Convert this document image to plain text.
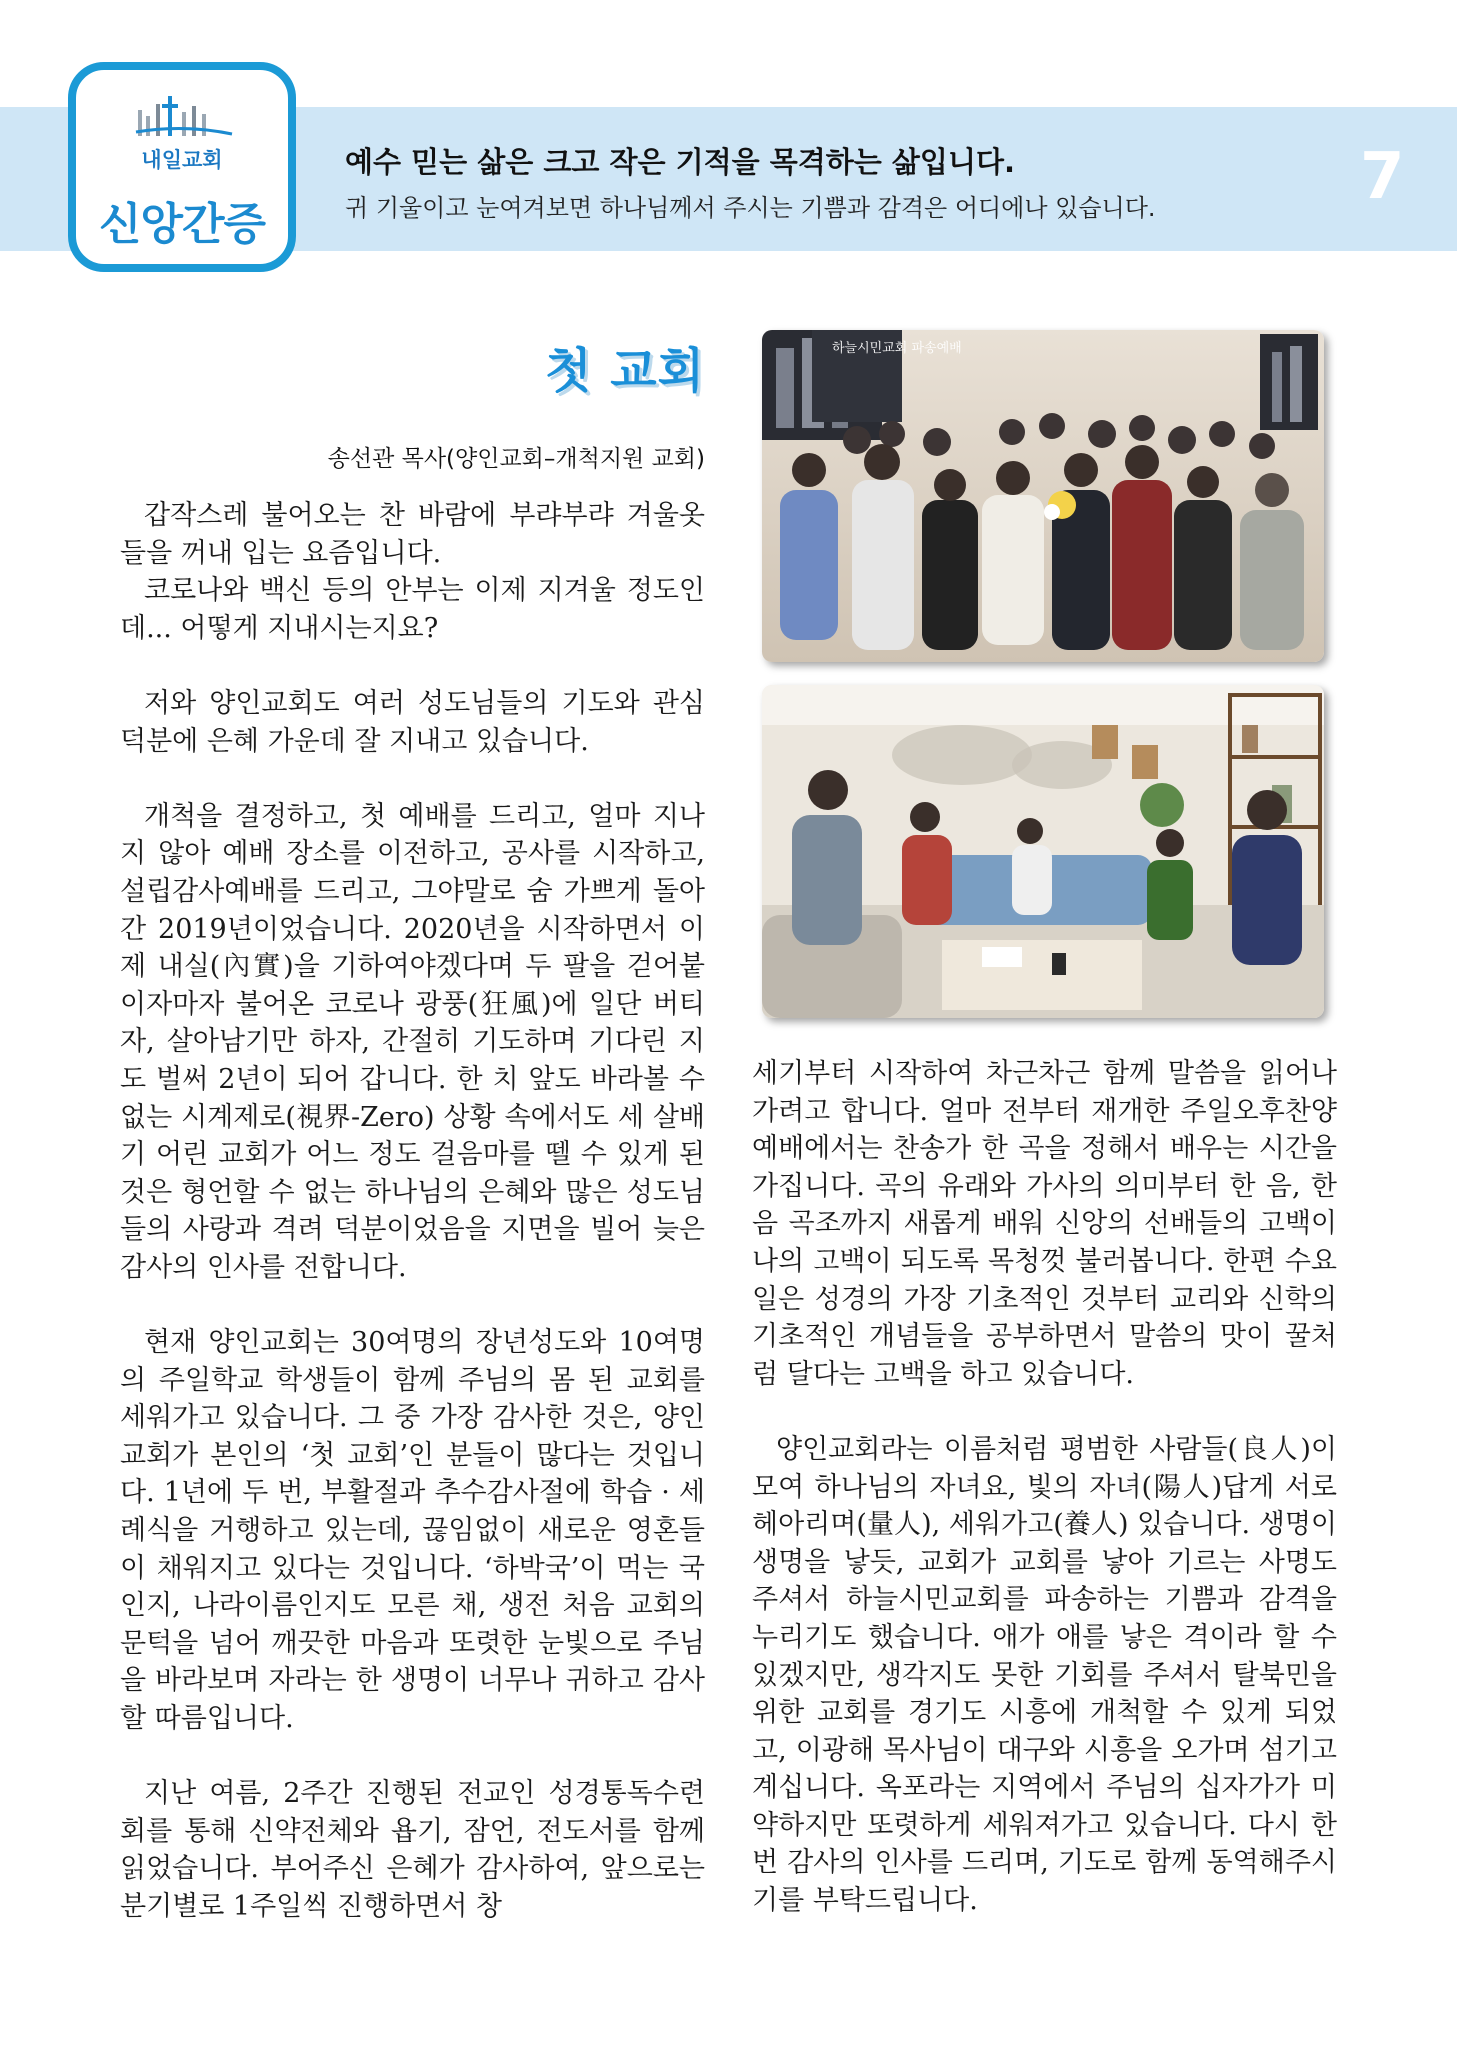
내일교회
신앙간증
예수 믿는 삶은 크고 작은 기적을 목격하는 삶입니다.
귀 기울이고 눈여겨보면 하나님께서 주시는 기쁨과 감격은 어디에나 있습니다.	7
첫 교회
송선관 목사(양인교회–개척지원 교회)

갑작스레 불어오는 찬 바람에 부랴부랴 겨울옷들을 꺼내 입는 요즘입니다.

코로나와 백신 등의 안부는 이제 지겨울 정도인데... 어떻게 지내시는지요?

저와 양인교회도 여러 성도님들의 기도와 관심 덕분에 은혜 가운데 잘 지내고 있습니다.

개척을 결정하고, 첫 예배를 드리고, 얼마 지나지 않아 예배 장소를 이전하고, 공사를 시작하고, 설립감사예배를 드리고, 그야말로 숨 가쁘게 돌아간 2019년이었습니다. 2020년을 시작하면서 이제 내실(內實)을 기하여야겠다며 두 팔을 걷어붙이자마자 불어온 코로나 광풍(狂風)에 일단 버티자, 살아남기만 하자, 간절히 기도하며 기다린 지도 벌써 2년이 되어 갑니다. 한 치 앞도 바라볼 수 없는 시계제로(視界-Zero) 상황 속에서도 세 살배기 어린 교회가 어느 정도 걸음마를 뗄 수 있게 된 것은 형언할 수 없는 하나님의 은혜와 많은 성도님들의 사랑과 격려 덕분이었음을 지면을 빌어 늦은 감사의 인사를 전합니다.

현재 양인교회는 30여명의 장년성도와 10여명의 주일학교 학생들이 함께 주님의 몸 된 교회를 세워가고 있습니다. 그 중 가장 감사한 것은, 양인교회가 본인의 ‘첫 교회’인 분들이 많다는 것입니다. 1년에 두 번, 부활절과 추수감사절에 학습 · 세례식을 거행하고 있는데, 끊임없이 새로운 영혼들이 채워지고 있다는 것입니다. ‘하박국’이 먹는 국인지, 나라이름인지도 모른 채, 생전 처음 교회의 문턱을 넘어 깨끗한 마음과 또렷한 눈빛으로 주님을 바라보며 자라는 한 생명이 너무나 귀하고 감사할 따름입니다.

지난 여름, 2주간 진행된 전교인 성경통독수련회를 통해 신약전체와 욥기, 잠언, 전도서를 함께 읽었습니다. 부어주신 은혜가 감사하여, 앞으로는 분기별로 1주일씩 진행하면서 창

세기부터 시작하여 차근차근 함께 말씀을 읽어나가려고 합니다. 얼마 전부터 재개한 주일오후찬양예배에서는 찬송가 한 곡을 정해서 배우는 시간을 가집니다. 곡의 유래와 가사의 의미부터 한 음, 한 음 곡조까지 새롭게 배워 신앙의 선배들의 고백이 나의 고백이 되도록 목청껏 불러봅니다. 한편 수요일은 성경의 가장 기초적인 것부터 교리와 신학의 기초적인 개념들을 공부하면서 말씀의 맛이 꿀처럼 달다는 고백을 하고 있습니다.

양인교회라는 이름처럼 평범한 사람들(良人)이 모여 하나님의 자녀요, 빛의 자녀(陽人)답게 서로 헤아리며(量人), 세워가고(養人) 있습니다. 생명이 생명을 낳듯, 교회가 교회를 낳아 기르는 사명도 주셔서 하늘시민교회를 파송하는 기쁨과 감격을 누리기도 했습니다. 애가 애를 낳은 격이라 할 수 있겠지만, 생각지도 못한 기회를 주셔서 탈북민을 위한 교회를 경기도 시흥에 개척할 수 있게 되었고, 이광해 목사님이 대구와 시흥을 오가며 섬기고 계십니다. 옥포라는 지역에서 주님의 십자가가 미약하지만 또렷하게 세워져가고 있습니다. 다시 한 번 감사의 인사를 드리며, 기도로 함께 동역해주시기를 부탁드립니다.

하늘시민교회 파송예배
